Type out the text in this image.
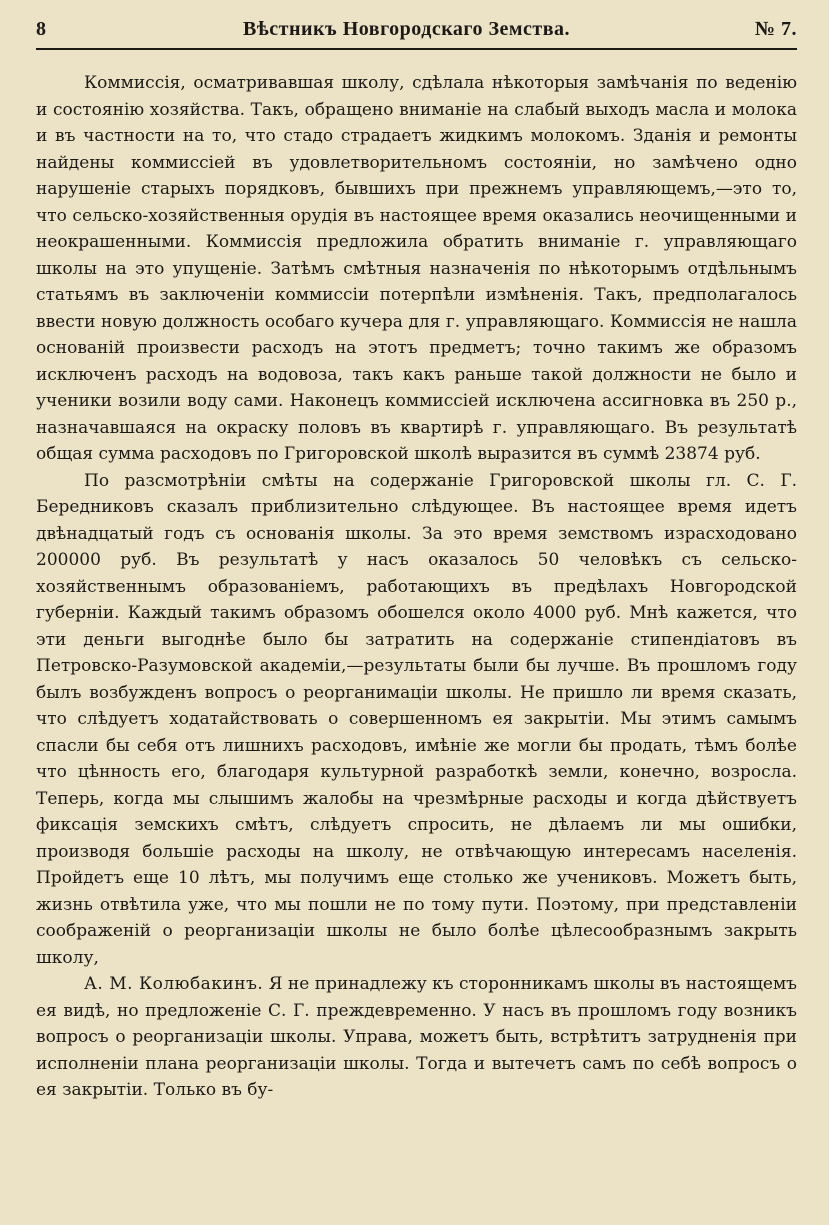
8	Вѣстникъ Новгородскаго Земства.	№ 7.

Коммиссія, осматривавшая школу, сдѣлала нѣкоторыя замѣчанія по веденію и состоянію хозяйства. Такъ, обращено вниманіе на слабый выходъ масла и молока и въ частности на то, что стадо страдаетъ жидкимъ молокомъ. Зданія и ремонты найдены коммиссіей въ удовлетворительномъ состояніи, но замѣчено одно нарушеніе старыхъ порядковъ, бывшихъ при прежнемъ управляющемъ,—это то, что сельско-хозяйственныя орудія въ настоящее время оказались неочищенными и неокрашенными. Коммиссія предложила обратить вниманіе г. управляющаго школы на это упущеніе. Затѣмъ смѣтныя назначенія по нѣкоторымъ отдѣльнымъ статьямъ въ заключеніи коммиссіи потерпѣли измѣненія. Такъ, предполагалось ввести новую должность особаго кучера для г. управляющаго. Коммиссія не нашла основаній произвести расходъ на этотъ предметъ; точно такимъ же образомъ исключенъ расходъ на водовоза, такъ какъ раньше такой должности не было и ученики возили воду сами. Наконецъ коммиссіей исключена ассигновка въ 250 р., назначавшаяся на окраску половъ въ квартирѣ г. управляющаго. Въ результатѣ общая сумма расходовъ по Григоровской школѣ выразится въ суммѣ 23874 руб.

По разсмотрѣніи смѣты на содержаніе Григоровской школы гл. С. Г. Бередниковъ сказалъ приблизительно слѣдующее. Въ настоящее время идетъ двѣнадцатый годъ съ основанія школы. За это время земствомъ израсходовано 200000 руб. Въ результатѣ у насъ оказалось 50 человѣкъ съ сельско-хозяйственнымъ образованіемъ, работающихъ въ предѣлахъ Новгородской губерніи. Каждый такимъ образомъ обошелся около 4000 руб. Мнѣ кажется, что эти деньги выгоднѣе было бы затратить на содержаніе стипендіатовъ въ Петровско-Разумовской академіи,—результаты были бы лучше. Въ прошломъ году былъ возбужденъ вопросъ о реорганимаціи школы. Не пришло ли время сказать, что слѣдуетъ ходатайствовать о совершенномъ ея закрытіи. Мы этимъ самымъ спасли бы себя отъ лишнихъ расходовъ, имѣніе же могли бы продать, тѣмъ болѣе что цѣнность его, благодаря культурной разработкѣ земли, конечно, возросла. Теперь, когда мы слышимъ жалобы на чрезмѣрные расходы и когда дѣйствуетъ фиксація земскихъ смѣтъ, слѣдуетъ спросить, не дѣлаемъ ли мы ошибки, производя большіе расходы на школу, не отвѣчающую интересамъ населенія. Пройдетъ еще 10 лѣтъ, мы получимъ еще столько же учениковъ. Можетъ быть, жизнь отвѣтила уже, что мы пошли не по тому пути. Поэтому, при представленіи соображеній о реорганизаціи школы не было болѣе цѣлесообразнымъ закрыть школу,

А. М. Колюбакинъ. Я не принадлежу къ сторонникамъ школы въ настоящемъ ея видѣ, но предложеніе С. Г. преждевременно. У насъ въ прошломъ году возникъ вопросъ о реорганизаціи школы. Управа, можетъ быть, встрѣтитъ затрудненія при исполненіи плана реорганизаціи школы. Тогда и вытечетъ самъ по себѣ вопросъ о ея закрытіи. Только въ бу-
